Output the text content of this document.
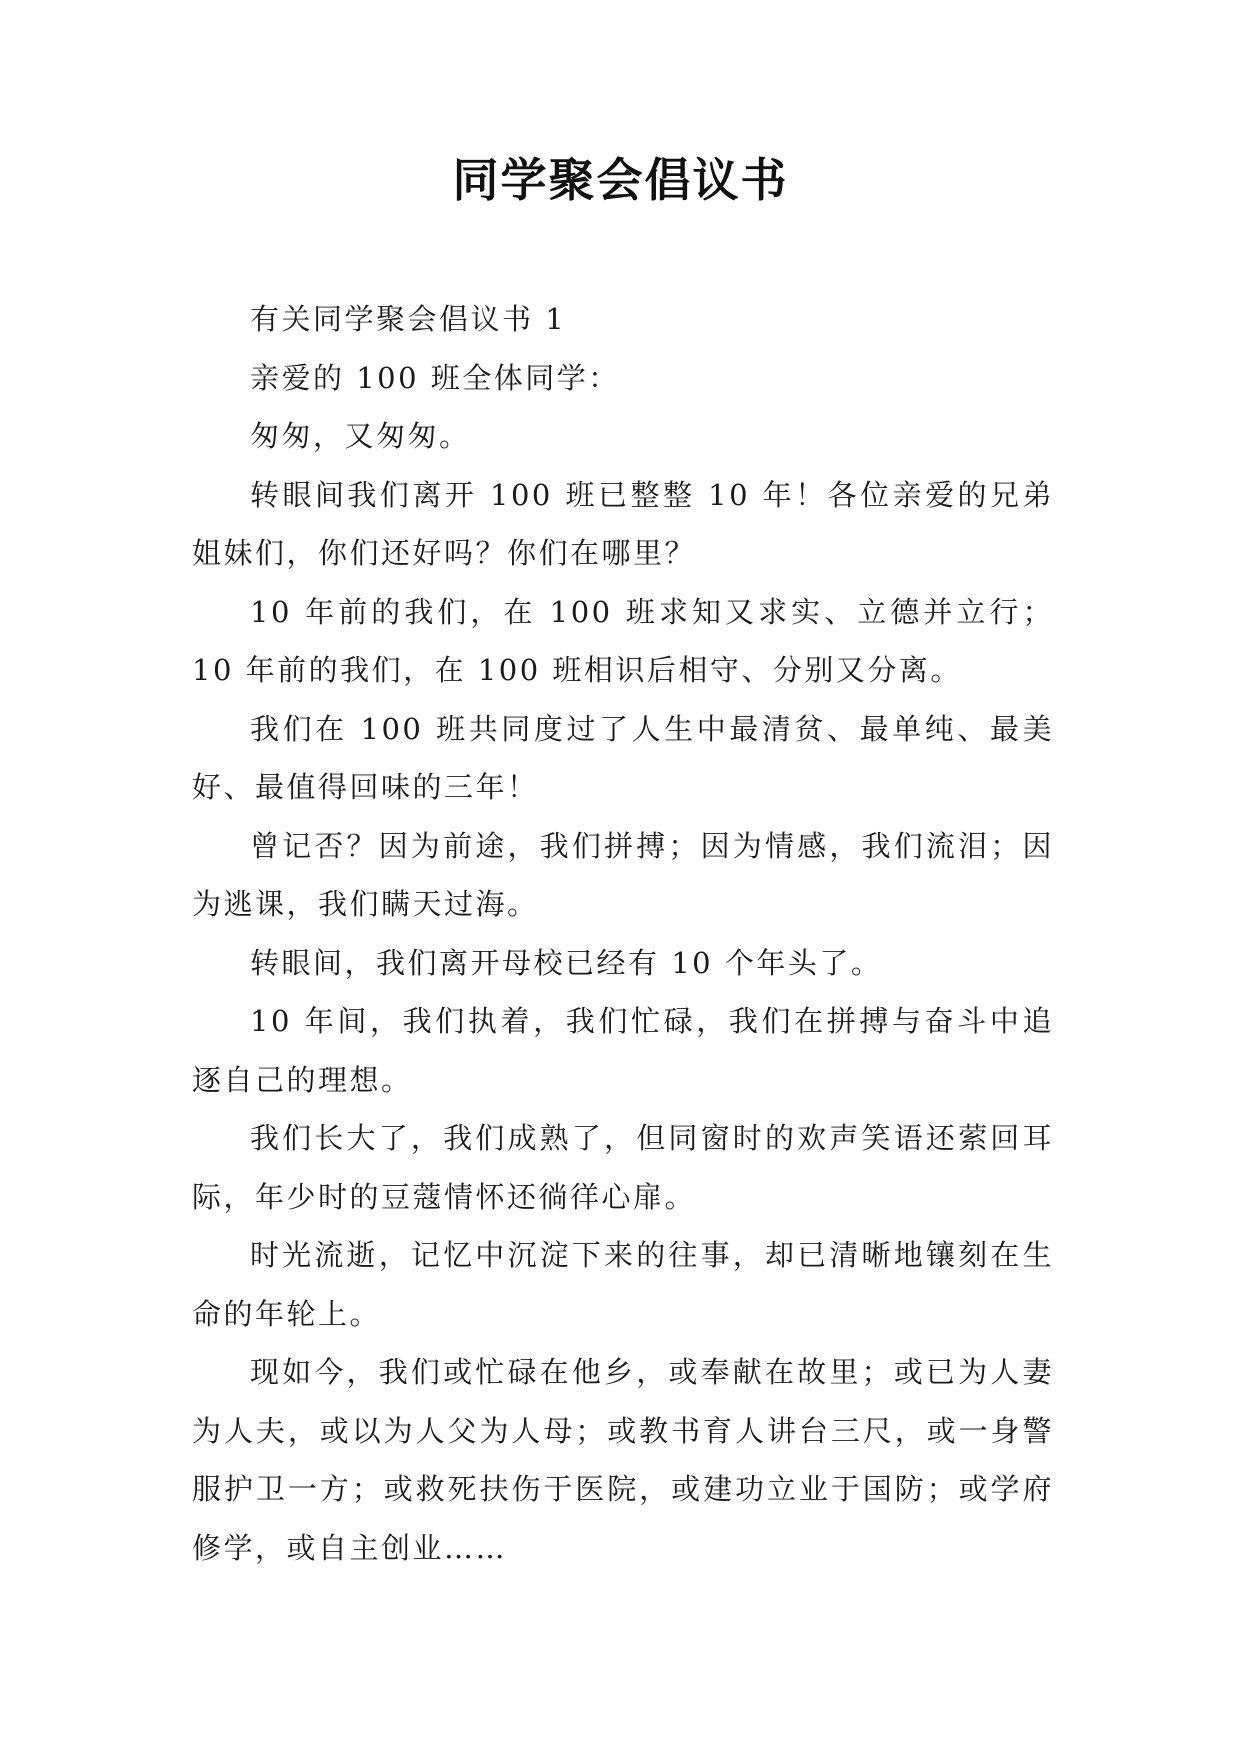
同学聚会倡议书

有关同学聚会倡议书 1

亲爱的 100 班全体同学：

匆匆，又匆匆。

转眼间我们离开 100 班已整整 10 年！各位亲爱的兄弟姐妹们，你们还好吗？你们在哪里？

10 年前的我们，在 100 班求知又求实、立德并立行；10 年前的我们，在 100 班相识后相守、分别又分离。

我们在 100 班共同度过了人生中最清贫、最单纯、最美好、最值得回味的三年！

曾记否？因为前途，我们拼搏；因为情感，我们流泪；因为逃课，我们瞒天过海。

转眼间，我们离开母校已经有 10 个年头了。

10 年间，我们执着，我们忙碌，我们在拼搏与奋斗中追逐自己的理想。

我们长大了，我们成熟了，但同窗时的欢声笑语还萦回耳际，年少时的豆蔻情怀还徜徉心扉。

时光流逝，记忆中沉淀下来的往事，却已清晰地镶刻在生命的年轮上。

现如今，我们或忙碌在他乡，或奉献在故里；或已为人妻为人夫，或以为人父为人母；或教书育人讲台三尺，或一身警服护卫一方；或救死扶伤于医院，或建功立业于国防；或学府修学，或自主创业……
